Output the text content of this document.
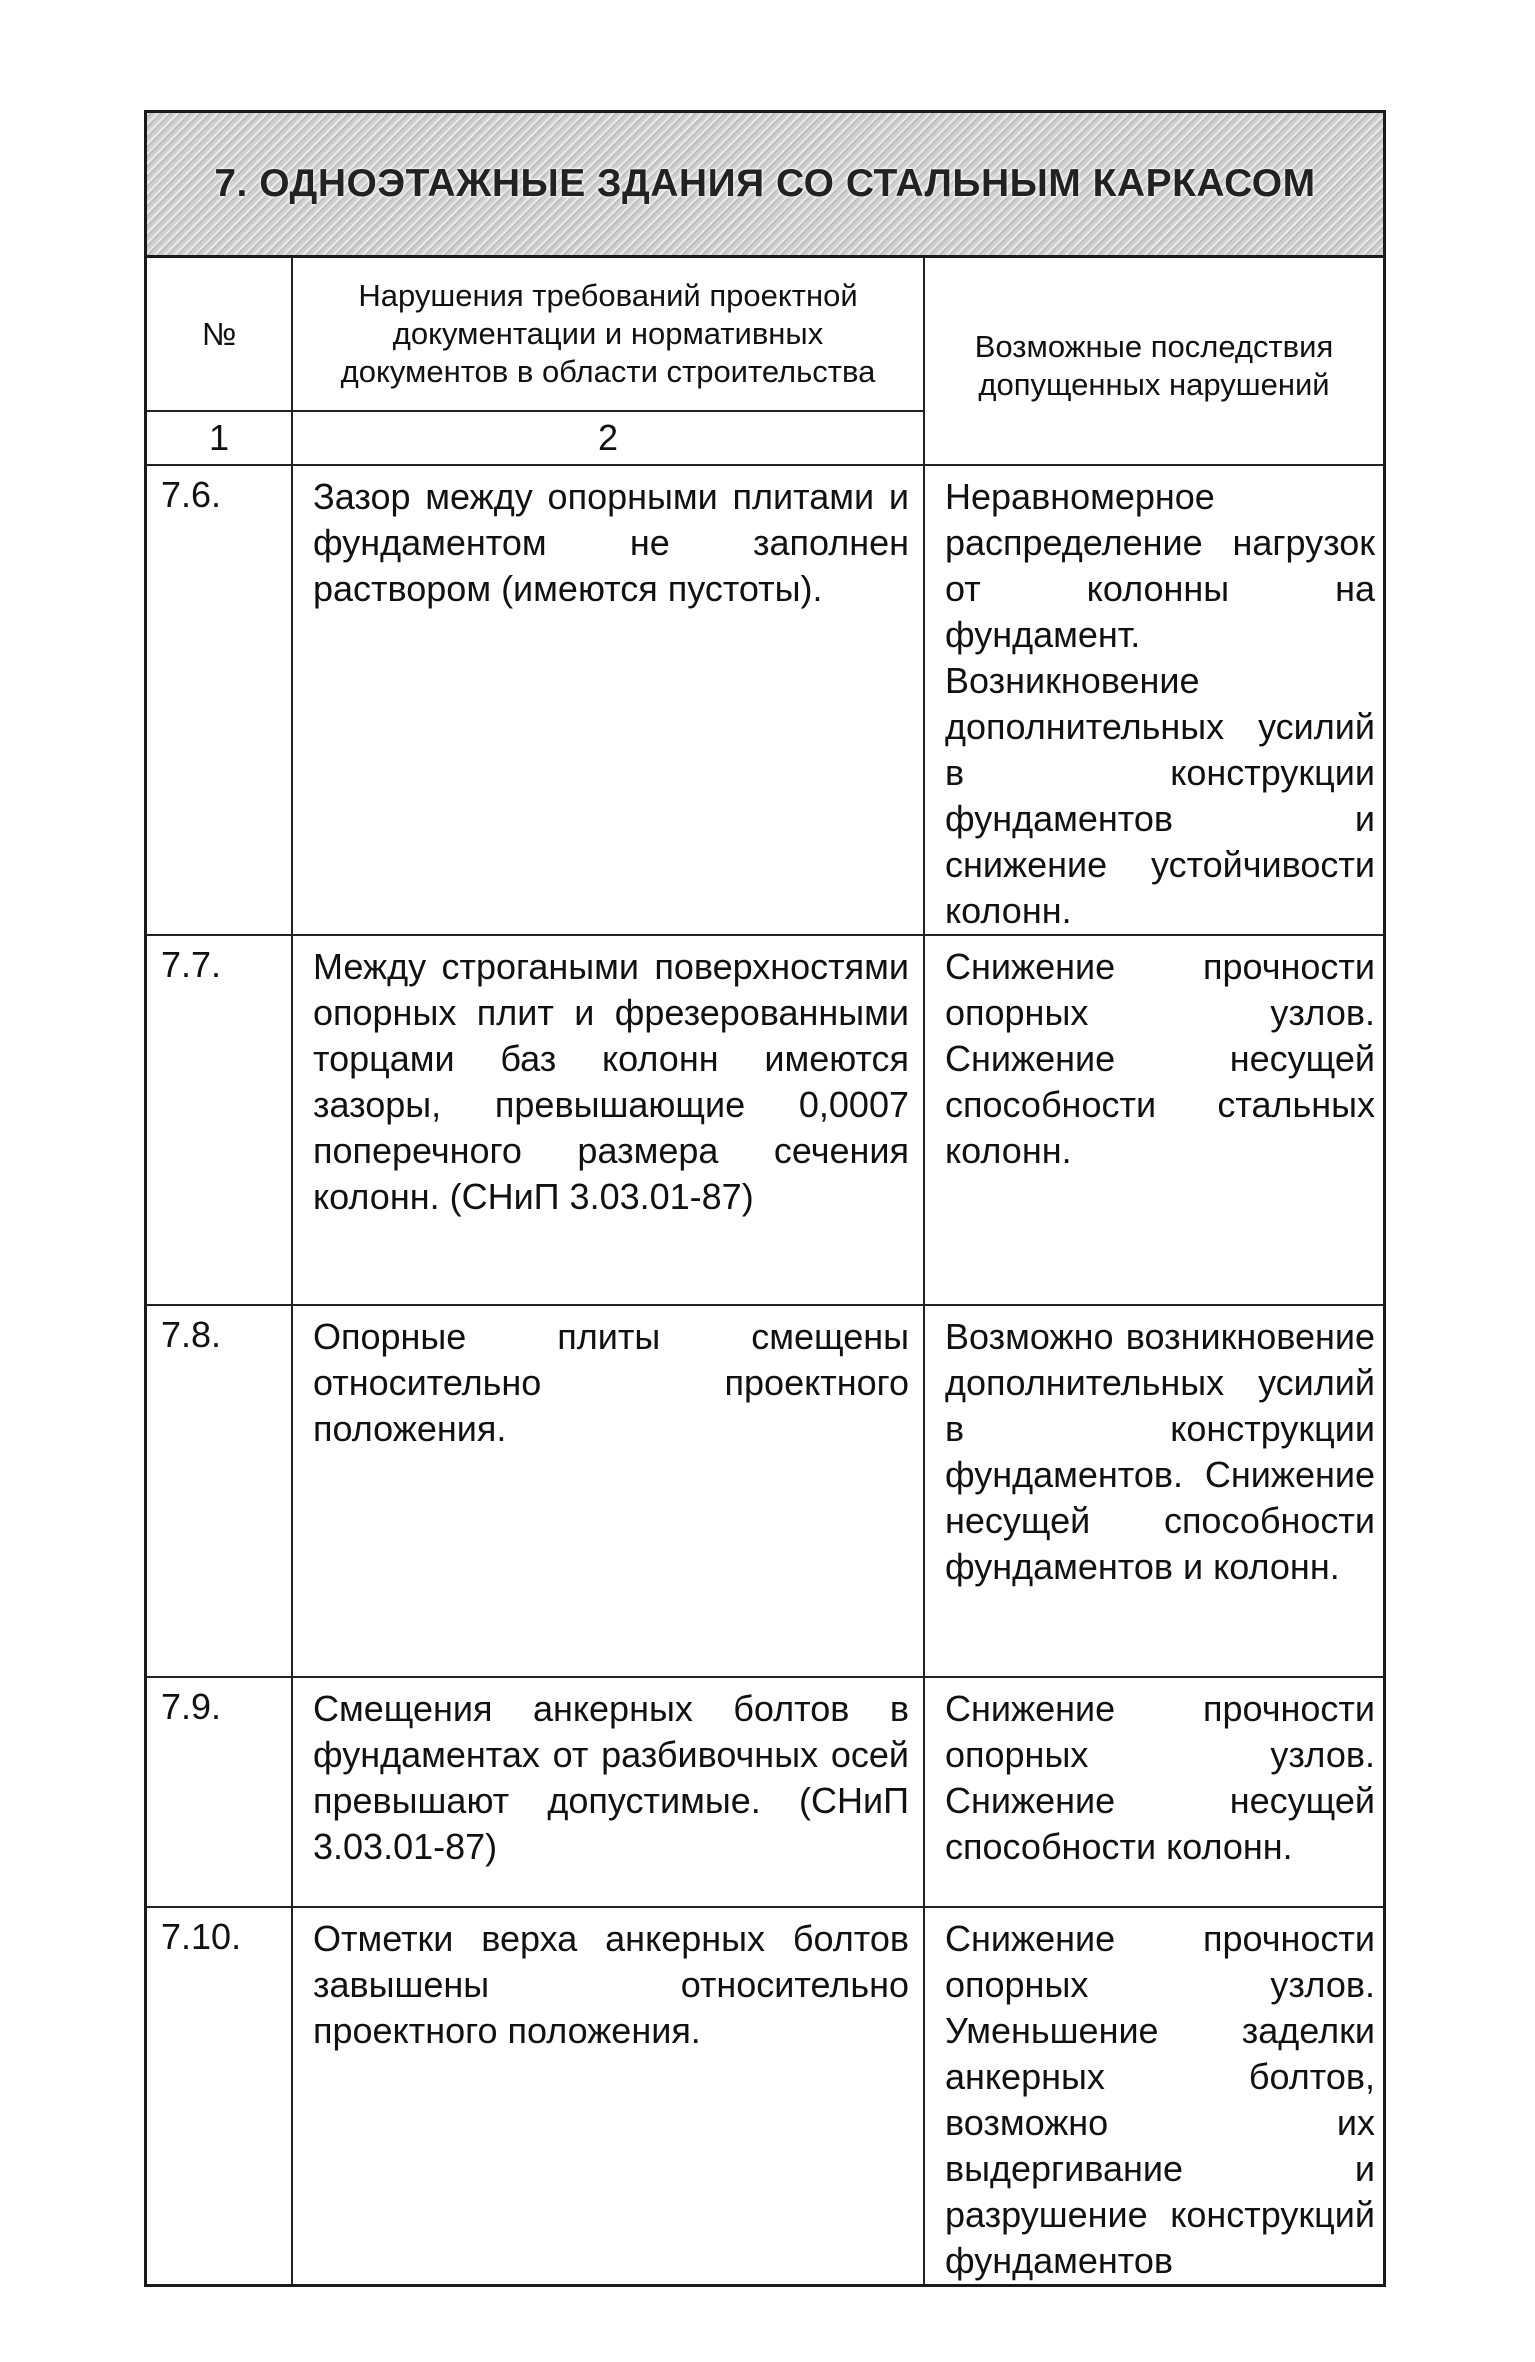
7. ОДНОЭТАЖНЫЕ ЗДАНИЯ СО СТАЛЬНЫМ КАРКАСОМ
№	Нарушения требований проектной документации и нормативных документов в области строительства	Возможные последствия допущенных нарушений
1	2	
7.6.	Зазор между опорными плитами и фундаментом не заполнен раствором (имеются пустоты).	Неравномерное распределение нагрузок от колонны на фундамент. Возникновение дополнительных усилий в конструкции фундаментов и снижение устойчивости колонн.
7.7.	Между строгаными поверхностями опорных плит и фрезерованными торцами баз колонн имеются зазоры, превышающие 0,0007 поперечного размера сечения колонн. (СНиП 3.03.01-87)	Снижение прочности опорных узлов. Снижение несущей способности стальных колонн.
7.8.	Опорные плиты смещены относительно проектного положения.	Возможно возникновение дополнительных усилий в конструкции фундаментов. Снижение несущей способности фундаментов и колонн.
7.9.	Смещения анкерных болтов в фундаментах от разбивочных осей превышают допустимые. (СНиП 3.03.01-87)	Снижение прочности опорных узлов. Снижение несущей способности колонн.
7.10.	Отметки верха анкерных болтов завышены относительно проектного положения.	Снижение прочности опорных узлов. Уменьшение заделки анкерных болтов, возможно их выдергивание и разрушение конструкций фундаментов
